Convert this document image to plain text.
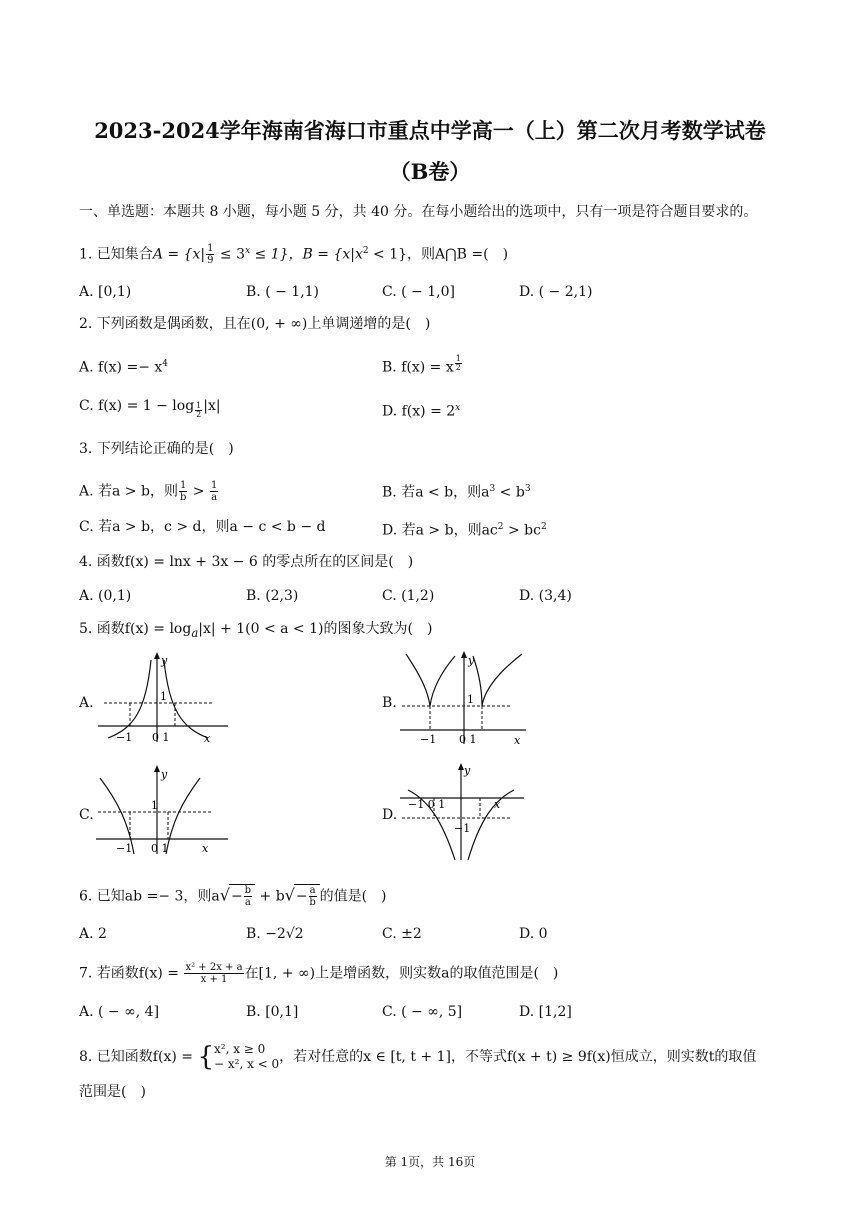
2023-2024学年海南省海口市重点中学高一（上）第二次月考数学试卷
（B卷）
一、单选题：本题共 8 小题，每小题 5 分，共 40 分。在每小题给出的选项中，只有一项是符合题目要求的。
1. 已知集合$A = \{x| \frac{1}{9} \le 3^x \le 1\}$，$B = \{x|x^2 < 1\}$，则A⋂B =(　)
A. [0,1)	B. ( − 1,1)	C. ( − 1,0]	D. ( − 2,1)
2. 下列函数是偶函数，且在(0, + ∞)上单调递增的是(　)
A. $f(x) =- x^4$	B. f(x) = x $^{\frac{1}{2}}$
C. f(x) = 1 − log $_{\frac{1}{2}}$ |x|	D. $f(x) = 2^x$
3. 下列结论正确的是(　)
A. 若a > b，则 $\frac{1}{b} > \frac{1}{a}$	B. 若a < b，则$a^3 < b^3$
C. 若a > b，c > d，则a − c < b − d	D. 若a > b，则$ac^2 > bc^2$
4. 函数f(x) = lnx + 3x − 6 的零点所在的区间是(　)
A. (0,1)	B. (2,3)	C. (1,2)	D. (3,4)
5. 函数$f(x) = \log_a|x| + 1(0 < a < 1)$的图象大致为(　)
A.
y
x
1
−1 0 1
B.
y
x
1
−1 0 1
C.
y
x
1
−1 0 1
D.
y
x
−1 0 1
−1
6. 已知ab =− 3，则$a√- \frac{b}{a} + b√- \frac{a}{b}$ 的值是(　)
A. 2	B. −2√2	C. ±2	D. 0
7. 若函数$f(x) = \frac{\text{x² + 2x + a}}{x + 1}$ 在[1, + ∞)上是增函数，则实数a的取值范围是(　)
A. ( − ∞, 4]	B. [0,1]	C. ( − ∞, 5]	D. [1,2]
8. 已知函数f(x) = { x², x ≥ 0
− x², x < 0 ，若对任意的x ∈ [t, t + 1]，不等式f(x + t) ≥ 9f(x)恒成立，则实数t的取值
范围是(　)
第 1页，共 16页
